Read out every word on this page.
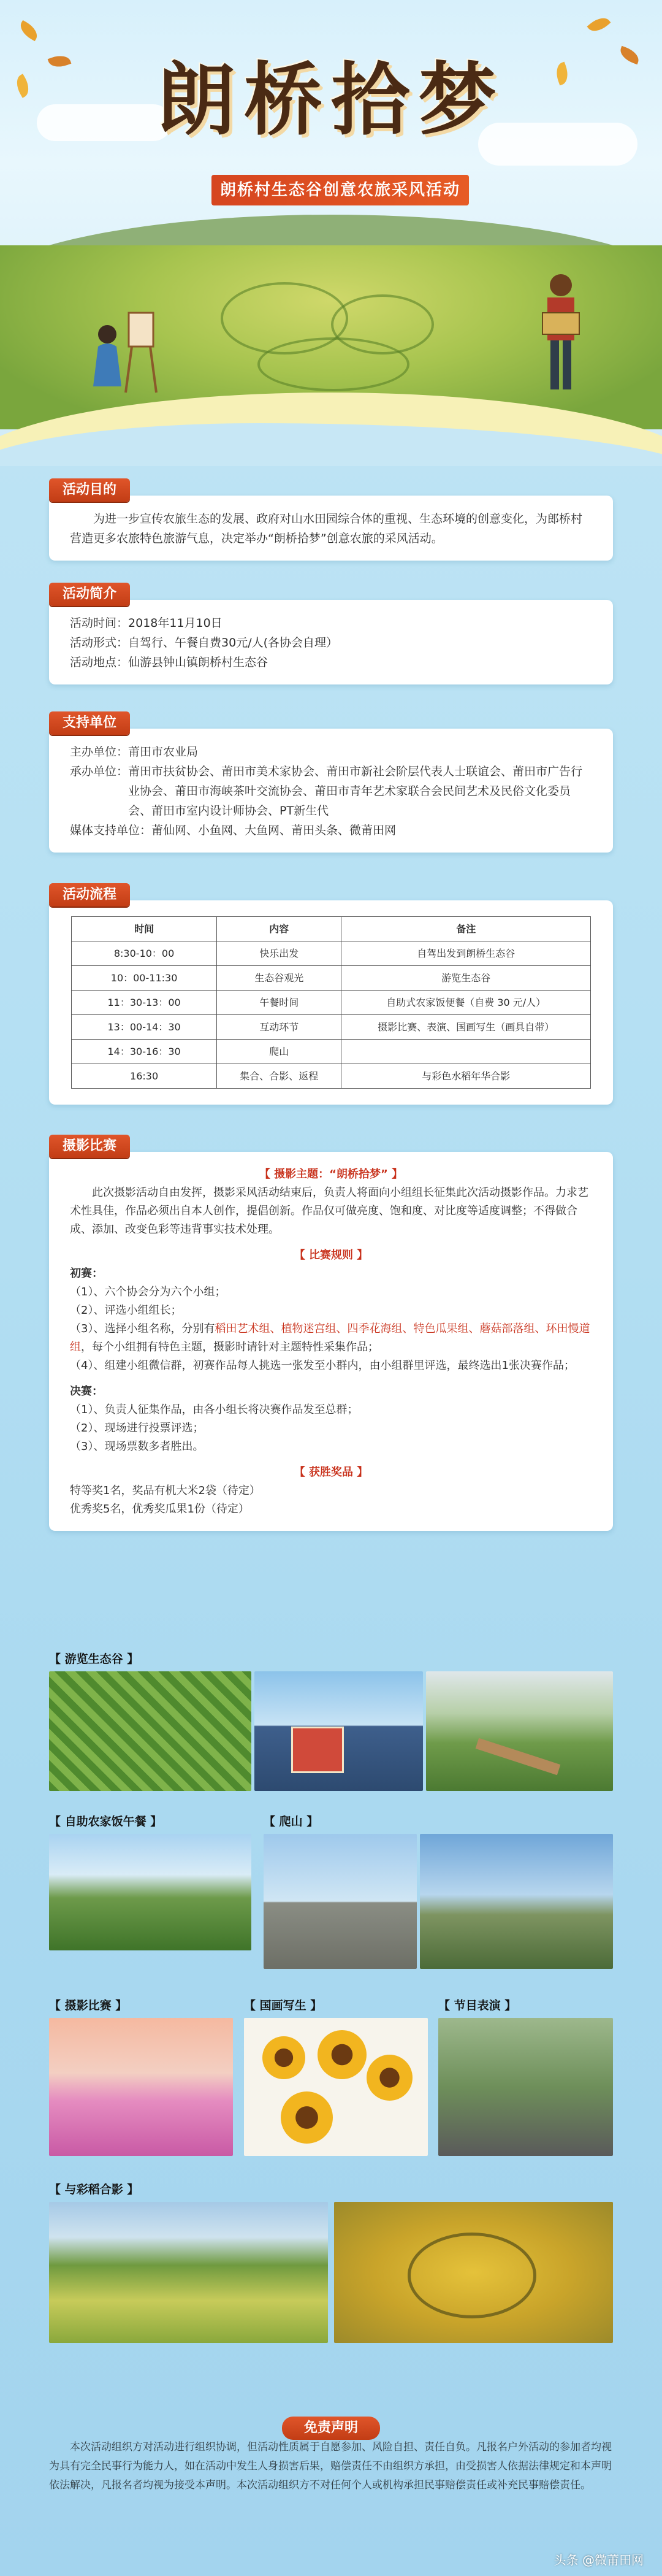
朗桥拾梦
朗桥村生态谷创意农旅采风活动
活动目的

为进一步宣传农旅生态的发展、政府对山水田园综合体的重视、生态环境的创意变化，为郎桥村营造更多农旅特色旅游气息，决定举办“朗桥拾梦”创意农旅的采风活动。

活动简介
活动时间：2018年11月10日
活动形式：自驾行、午餐自费30元/人(各协会自理）
活动地点：仙游县钟山镇朗桥村生态谷
支持单位
主办单位： 莆田市农业局
承办单位： 莆田市扶贫协会、莆田市美术家协会、莆田市新社会阶层代表人士联谊会、莆田市广告行业协会、莆田市海峡茶叶交流协会、莆田市青年艺术家联合会民间艺术及民俗文化委员会、莆田市室内设计师协会、PT新生代
媒体支持单位： 莆仙网、小鱼网、大鱼网、莆田头条、微莆田网
活动流程
时间	内容	备注
8:30-10：00	快乐出发	自驾出发到朗桥生态谷
10：00-11:30	生态谷观光	游览生态谷
11：30-13：00	午餐时间	自助式农家饭便餐（自费 30 元/人）
13：00-14：30	互动环节	摄影比赛、表演、国画写生（画具自带）
14：30-16：30	爬山	
16:30	集合、合影、返程	与彩色水稻年华合影
摄影比赛

【 摄影主题：“朗桥拾梦” 】

此次摄影活动自由发挥，摄影采风活动结束后，负责人将面向小组组长征集此次活动摄影作品。力求艺术性具佳，作品必须出自本人创作，提倡创新。作品仅可做亮度、饱和度、对比度等适度调整；不得做合成、添加、改变色彩等违背事实技术处理。

【 比赛规则 】

初赛：

（1）、六个协会分为六个小组；

（2）、评选小组组长；

（3）、选择小组名称，分别有稻田艺术组、植物迷宫组、四季花海组、特色瓜果组、蘑菇部落组、环田慢道组，每个小组拥有特色主题，摄影时请针对主题特性采集作品；

（4）、组建小组微信群，初赛作品每人挑选一张发至小群内，由小组群里评选，最终选出1张决赛作品；

决赛：

（1）、负责人征集作品，由各小组长将决赛作品发至总群；

（2）、现场进行投票评选；

（3）、现场票数多者胜出。

【 获胜奖品 】

特等奖1名，奖品有机大米2袋（待定）

优秀奖5名，优秀奖瓜果1份（待定）

【 游览生态谷 】
【 自助农家饭午餐 】	【 爬山 】
【 摄影比赛 】	【 国画写生 】	【 节目表演 】
【 与彩稻合影 】
免责声明
本次活动组织方对活动进行组织协调，但活动性质属于自愿参加、风险自担、责任自负。凡报名户外活动的参加者均视为具有完全民事行为能力人，如在活动中发生人身损害后果，赔偿责任不由组织方承担，由受损害人依据法律规定和本声明依法解决，凡报名者均视为接受本声明。本次活动组织方不对任何个人或机构承担民事赔偿责任或补充民事赔偿责任。
头条 @微莆田网
